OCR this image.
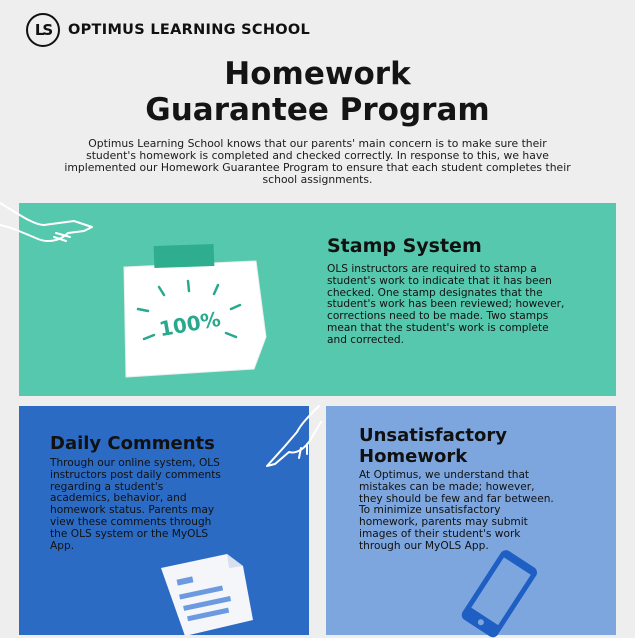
LS	OPTIMUS LEARNING SCHOOL
Homework
Guarantee Program

Optimus Learning School knows that our parents' main concern is to make sure their student's homework is completed and checked correctly. In response to this, we have implemented our Homework Guarantee Program to ensure that each student completes their school assignments.

Stamp System

OLS instructors are required to stamp a student's work to indicate that it has been checked. One stamp designates that the student's work has been reviewed; however, corrections need to be made. Two stamps mean that the student's work is complete and corrected.

100%
Daily Comments

Through our online system, OLS instructors post daily comments regarding a student's academics, behavior, and homework status. Parents may view these comments through the OLS system or the MyOLS App.

Unsatisfactory Homework

At Optimus, we understand that mistakes can be made; however, they should be few and far between. To minimize unsatisfactory homework, parents may submit images of their student's work through our MyOLS App.
